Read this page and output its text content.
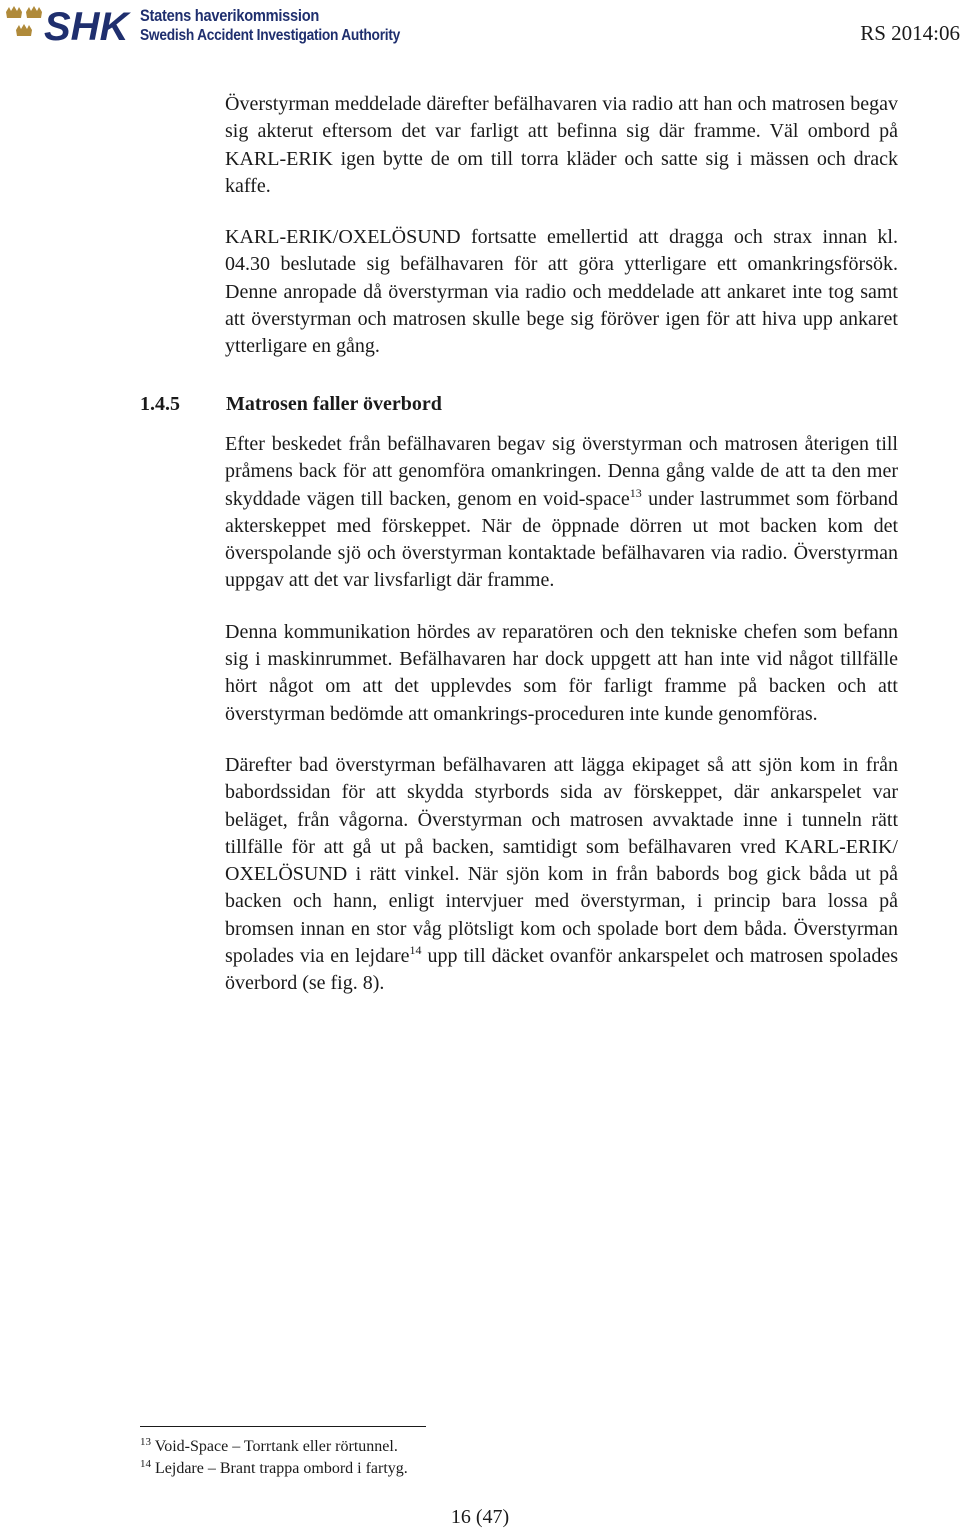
SHK Statens haverikommission
Swedish Accident Investigation Authority	RS 2014:06

Överstyrman meddelade därefter befälhavaren via radio att han och matrosen begav sig akterut eftersom det var farligt att befinna sig där framme. Väl ombord på KARL-ERIK igen bytte de om till torra kläder och satte sig i mässen och drack kaffe.

KARL-ERIK/OXELÖSUND fortsatte emellertid att dragga och strax innan kl. 04.30 beslutade sig befälhavaren för att göra ytterligare ett omankringsförsök. Denne anropade då överstyrman via radio och meddelade att ankaret inte tog samt att överstyrman och matrosen skulle bege sig föröver igen för att hiva upp ankaret ytterligare en gång.

1.4.5 Matrosen faller överbord

Efter beskedet från befälhavaren begav sig överstyrman och matrosen återigen till pråmens back för att genomföra omankringen. Denna gång valde de att ta den mer skyddade vägen till backen, genom en void-space$^{13}$ under lastrummet som förband akterskeppet med förskeppet. När de öppnade dörren ut mot backen kom det överspolande sjö och överstyrman kontaktade befälhavaren via radio. Överstyrman uppgav att det var livsfarligt där framme.

Denna kommunikation hördes av reparatören och den tekniske chefen som befann sig i maskinrummet. Befälhavaren har dock uppgett att han inte vid något tillfälle hört något om att det upplevdes som för farligt framme på backen och att överstyrman bedömde att omankrings-proceduren inte kunde genomföras.

Därefter bad överstyrman befälhavaren att lägga ekipaget så att sjön kom in från babordssidan för att skydda styrbords sida av förskeppet, där ankarspelet var beläget, från vågorna. Överstyrman och matrosen avvaktade inne i tunneln rätt tillfälle för att gå ut på backen, samtidigt som befälhavaren vred KARL-ERIK/ OXELÖSUND i rätt vinkel. När sjön kom in från babords bog gick båda ut på backen och hann, enligt intervjuer med överstyrman, i princip bara lossa på bromsen innan en stor våg plötsligt kom och spolade bort dem båda. Överstyrman spolades via en lejdare$^{14}$ upp till däcket ovanför ankarspelet och matrosen spolades överbord (se fig. 8).

$^{13}$ Void-Space – Torrtank eller rörtunnel.
$^{14}$ Lejdare – Brant trappa ombord i fartyg.
16 (47)
